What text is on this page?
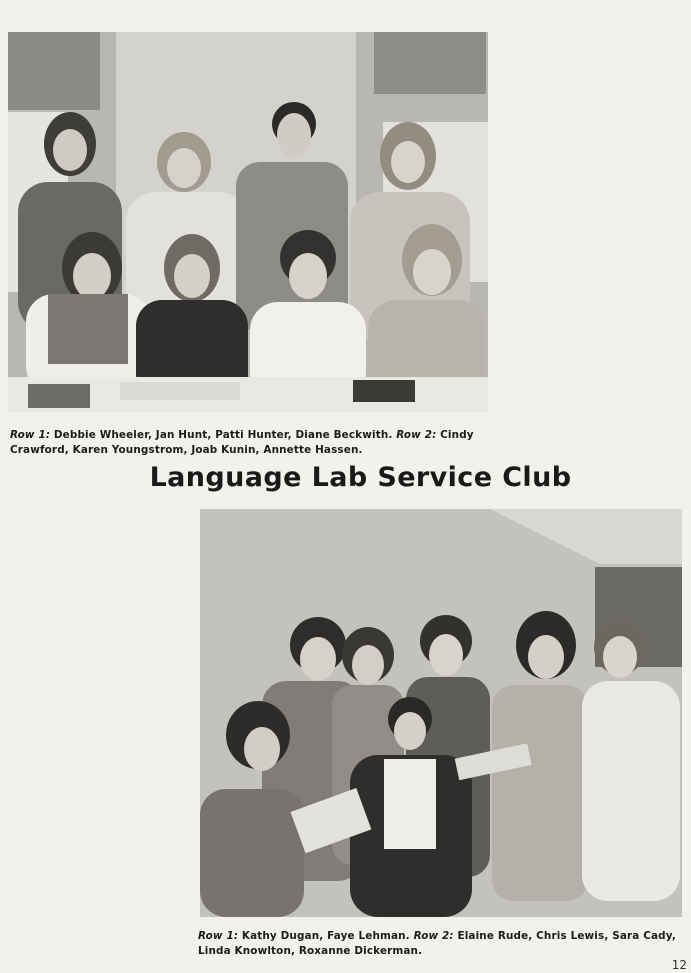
Row 1: Debbie Wheeler, Jan Hunt, Patti Hunter, Diane Beckwith. Row 2: Cindy Crawford, Karen Youngstrom, Joab Kunin, Annette Hassen.
Language Lab Service Club
Row 1: Kathy Dugan, Faye Lehman. Row 2: Elaine Rude, Chris Lewis, Sara Cady, Linda Knowlton, Roxanne Dickerman.
12
